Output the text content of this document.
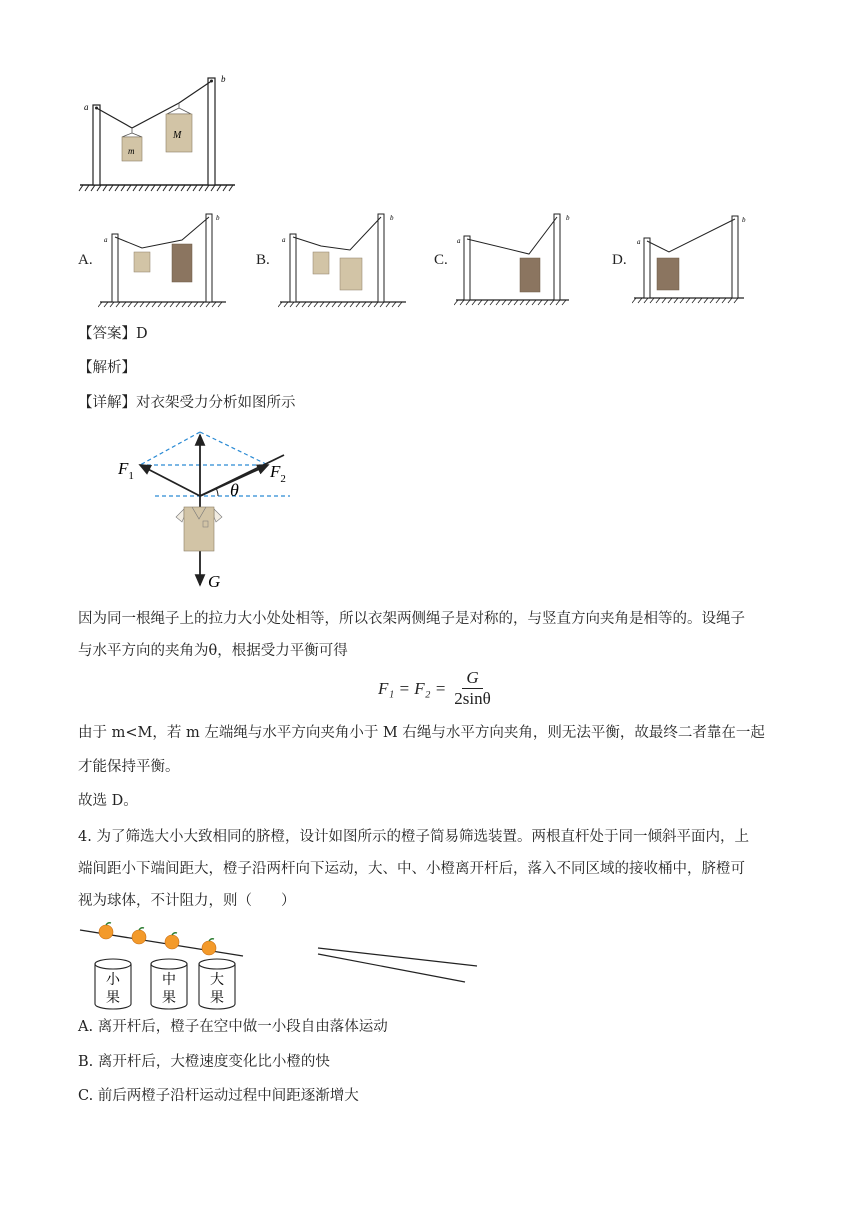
a
b
m
M
A.
a
b
B.
a
b
C.
a
b
D.
a
b
【答案】D
【解析】
【详解】对衣架受力分析如图所示
$F_1$	$F_2$
θ
G
因为同一根绳子上的拉力大小处处相等，所以衣架两侧绳子是对称的，与竖直方向夹角是相等的。设绳子
与水平方向的夹角为θ，根据受力平衡可得
$F_1 = F_2 = \frac{G}{2\sin\theta}$
由于 m<M，若 m 左端绳与水平方向夹角小于 M 右绳与水平方向夹角，则无法平衡，故最终二者靠在一起
才能保持平衡。
故选 D。
4. 为了筛选大小大致相同的脐橙，设计如图所示的橙子简易筛选装置。两根直杆处于同一倾斜平面内，上
端间距小下端间距大，橙子沿两杆向下运动，大、中、小橙离开杆后，落入不同区域的接收桶中，脐橙可
视为球体，不计阻力，则（　　）
小
果
中
果
大
果
A. 离开杆后，橙子在空中做一小段自由落体运动
B. 离开杆后，大橙速度变化比小橙的快
C. 前后两橙子沿杆运动过程中间距逐渐增大
